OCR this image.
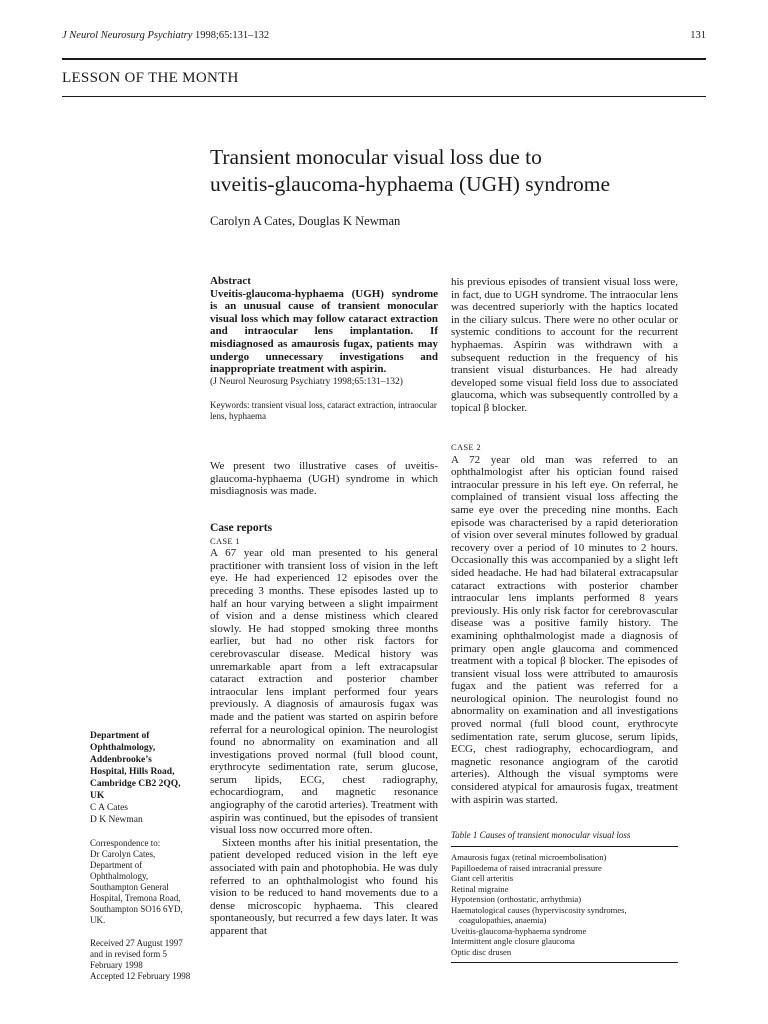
J Neurol Neurosurg Psychiatry 1998;65:131–132	131
LESSON OF THE MONTH
Transient monocular visual loss due to
uveitis-glaucoma-hyphaema (UGH) syndrome
Carolyn A Cates, Douglas K Newman
Abstract

Uveitis-glaucoma-hyphaema (UGH) syndrome is an unusual cause of transient monocular visual loss which may follow cataract extraction and intraocular lens implantation. If misdiagnosed as amaurosis fugax, patients may undergo unnecessary investigations and inappropriate treatment with aspirin.

(J Neurol Neurosurg Psychiatry 1998;65:131–132)
Keywords: transient visual loss, cataract extraction, intraocular lens, hyphaema
We present two illustrative cases of uveitis-glaucoma-hyphaema (UGH) syndrome in which misdiagnosis was made.
Case reports
CASE 1

A 67 year old man presented to his general practitioner with transient loss of vision in the left eye. He had experienced 12 episodes over the preceding 3 months. These episodes lasted up to half an hour varying between a slight impairment of vision and a dense mistiness which cleared slowly. He had stopped smoking three months earlier, but had no other risk factors for cerebrovascular disease. Medical history was unremarkable apart from a left extracapsular cataract extraction and posterior chamber intraocular lens implant performed four years previously. A diagnosis of amaurosis fugax was made and the patient was started on aspirin before referral for a neurological opinion. The neurologist found no abnormality on examination and all investigations proved normal (full blood count, erythrocyte sedimentation rate, serum glucose, serum lipids, ECG, chest radiography, echocardiogram, and magnetic resonance angiography of the carotid arteries). Treatment with aspirin was continued, but the episodes of transient visual loss now occurred more often.

Sixteen months after his initial presentation, the patient developed reduced vision in the left eye associated with pain and photophobia. He was duly referred to an ophthalmologist who found his vision to be reduced to hand movements due to a dense microscopic hyphaema. This cleared spontaneously, but recurred a few days later. It was apparent that

his previous episodes of transient visual loss were, in fact, due to UGH syndrome. The intraocular lens was decentred superiorly with the haptics located in the ciliary sulcus. There were no other ocular or systemic conditions to account for the recurrent hyphaemas. Aspirin was withdrawn with a subsequent reduction in the frequency of his transient visual disturbances. He had already developed some visual field loss due to associated glaucoma, which was subsequently controlled by a topical β blocker.
CASE 2

A 72 year old man was referred to an ophthalmologist after his optician found raised intraocular pressure in his left eye. On referral, he complained of transient visual loss affecting the same eye over the preceding nine months. Each episode was characterised by a rapid deterioration of vision over several minutes followed by gradual recovery over a period of 10 minutes to 2 hours. Occasionally this was accompanied by a slight left sided headache. He had had bilateral extracapsular cataract extractions with posterior chamber intraocular lens implants performed 8 years previously. His only risk factor for cerebrovascular disease was a positive family history. The examining ophthalmologist made a diagnosis of primary open angle glaucoma and commenced treatment with a topical β blocker. The episodes of transient visual loss were attributed to amaurosis fugax and the patient was referred for a neurological opinion. The neurologist found no abnormality on examination and all investigations proved normal (full blood count, erythrocyte sedimentation rate, serum glucose, serum lipids, ECG, chest radiography, echocardiogram, and magnetic resonance angiogram of the carotid arteries). Although the visual symptoms were considered atypical for amaurosis fugax, treatment with aspirin was started.

Table 1 Causes of transient monocular visual loss
Amaurosis fugax (retinal microembolisation)
Papilloedema of raised intracranial pressure
Giant cell arteritis
Retinal migraine
Hypotension (orthostatic, arrhythmia)
Haematological causes (hyperviscosity syndromes,
coagulopathies, anaemia)
Uveitis-glaucoma-hyphaema syndrome
Intermittent angle closure glaucoma
Optic disc drusen
Department of
Ophthalmology,
Addenbrooke’s
Hospital, Hills Road,
Cambridge CB2 2QQ,
UK
C A Cates
D K Newman
Correspondence to:
Dr Carolyn Cates,
Department of
Ophthalmology,
Southampton General
Hospital, Tremona Road,
Southampton SO16 6YD,
UK.
Received 27 August 1997
and in revised form 5
February 1998
Accepted 12 February 1998
